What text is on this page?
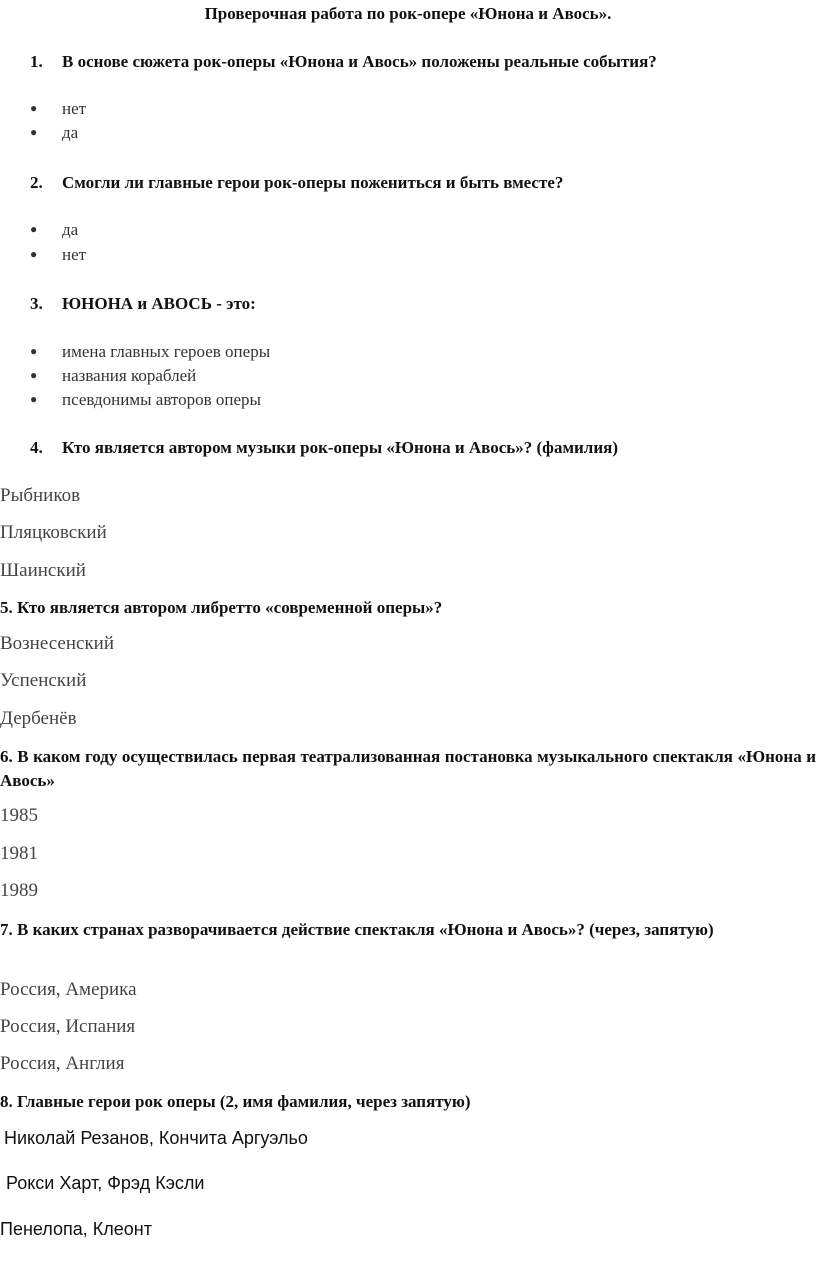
Проверочная работа по рок-опере «Юнона и Авось».
1. В основе сюжета рок-оперы «Юнона и Авось» положены реальные события?
● нет
● да
2. Смогли ли главные герои рок-оперы пожениться и быть вместе?
● да
● нет
3. ЮНОНА и АВОСЬ - это:
● имена главных героев оперы
● названия кораблей
● псевдонимы авторов оперы
4. Кто является автором музыки рок-оперы «Юнона и Авось»? (фамилия)
Рыбников
Пляцковский
Шаинский
5. Кто является автором либретто «современной оперы»?
Вознесенский
Успенский
Дербенёв
6. В каком году осуществилась первая театрализованная постановка музыкального спектакля «Юнона и Авось»
1985
1981
1989
7. В каких странах разворачивается действие спектакля «Юнона и Авось»? (через, запятую)
Россия, Америка
Россия, Испания
Россия, Англия
8. Главные герои рок оперы (2, имя фамилия, через запятую)
Николай Резанов, Кончита Аргуэльо
Рокси Харт, Фрэд Кэсли
Пенелопа, Клеонт
